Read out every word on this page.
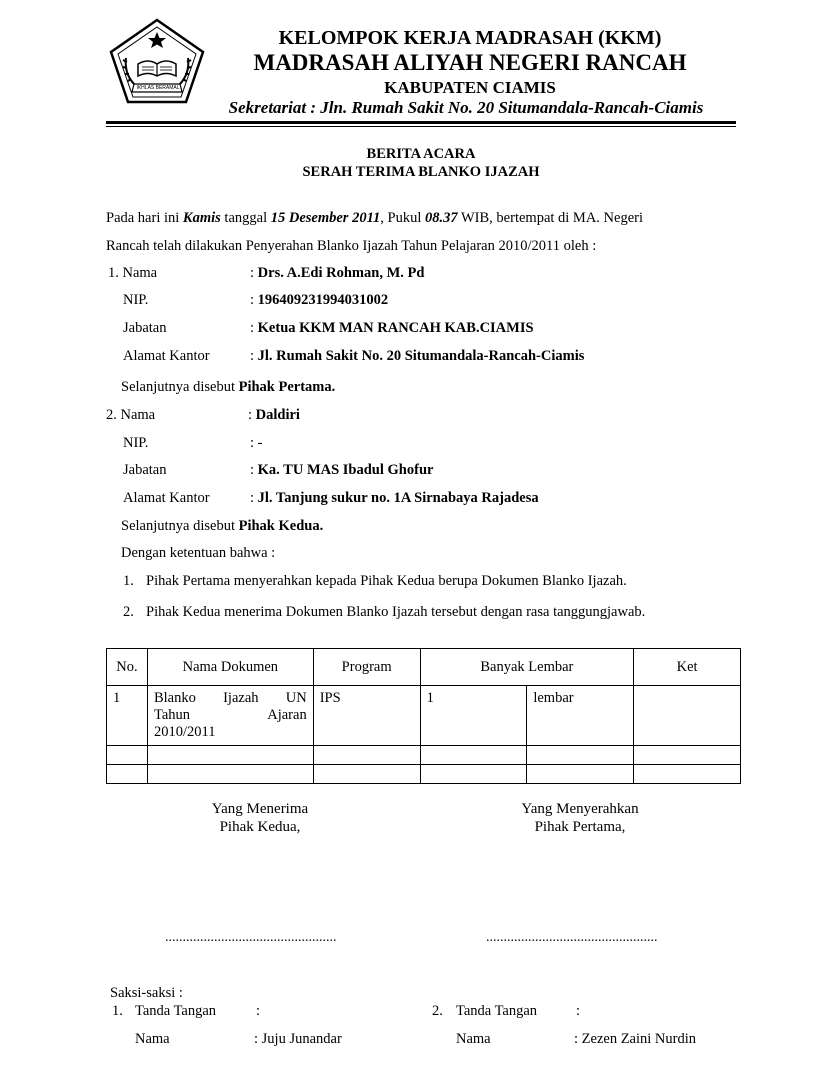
IKHLAS BERAMAL
KELOMPOK KERJA MADRASAH (KKM)
MADRASAH ALIYAH NEGERI RANCAH
KABUPATEN CIAMIS
Sekretariat : Jln. Rumah Sakit No. 20 Situmandala-Rancah-Ciamis
BERITA ACARA
SERAH TERIMA BLANKO IJAZAH
Pada hari ini Kamis tanggal 15 Desember 2011, Pukul 08.37 WIB, bertempat di MA. Negeri
Rancah telah dilakukan Penyerahan Blanko Ijazah Tahun Pelajaran 2010/2011 oleh :
1. Nama	: Drs. A.Edi Rohman, M. Pd
NIP.	: 196409231994031002
Jabatan	: Ketua KKM MAN RANCAH KAB.CIAMIS
Alamat Kantor	: Jl. Rumah Sakit No. 20 Situmandala-Rancah-Ciamis
Selanjutnya disebut Pihak Pertama.
2. Nama	: Daldiri
NIP.	: -
Jabatan	: Ka. TU MAS Ibadul Ghofur
Alamat Kantor	: Jl. Tanjung sukur no. 1A Sirnabaya Rajadesa
Selanjutnya disebut Pihak Kedua.
Dengan ketentuan bahwa :
1. Pihak Pertama menyerahkan kepada Pihak Kedua berupa Dokumen Blanko Ijazah.
2. Pihak Kedua menerima Dokumen Blanko Ijazah tersebut dengan rasa tanggungjawab.
No.	Nama Dokumen	Program	Banyak Lembar		Ket
1	Blanko Ijazah UN
Tahun Ajaran
2010/2011	IPS	1	lembar	

Yang Menerima
Pihak Kedua,
Yang Menyerahkan
Pihak Pertama,
.................................................	.................................................
Saksi-saksi :
1. Tanda Tangan	:
Nama	: Juju Junandar
2. Tanda Tangan	:
Nama	: Zezen Zaini Nurdin
